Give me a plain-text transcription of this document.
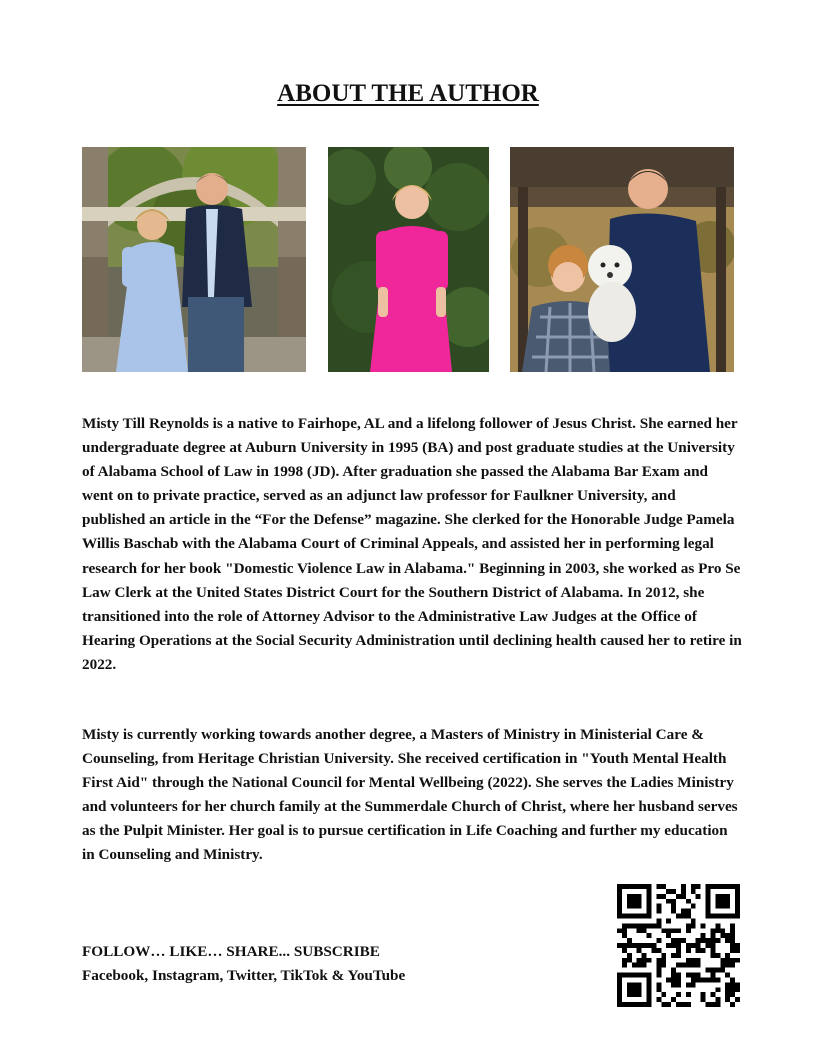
ABOUT THE AUTHOR

Misty Till Reynolds is a native to Fairhope, AL and a lifelong follower of Jesus Christ. She earned her undergraduate degree at Auburn University in 1995 (BA) and post graduate studies at the University of Alabama School of Law in 1998 (JD). After graduation she passed the Alabama Bar Exam and went on to private practice, served as an adjunct law professor for Faulkner University, and published an article in the “For the Defense” magazine. She clerked for the Honorable Judge Pamela Willis Baschab with the Alabama Court of Criminal Appeals, and assisted her in performing legal research for her book "Domestic Violence Law in Alabama." Beginning in 2003, she worked as Pro Se Law Clerk at the United States District Court for the Southern District of Alabama. In 2012, she transitioned into the role of Attorney Advisor to the Administrative Law Judges at the Office of Hearing Operations at the Social Security Administration until declining health caused her to retire in 2022.

Misty is currently working towards another degree, a Masters of Ministry in Ministerial Care & Counseling, from Heritage Christian University. She received certification in "Youth Mental Health First Aid" through the National Council for Mental Wellbeing (2022). She serves the Ladies Ministry and volunteers for her church family at the Summerdale Church of Christ, where her husband serves as the Pulpit Minister. Her goal is to pursue certification in Life Coaching and further my education in Counseling and Ministry.

FOLLOW… LIKE… SHARE... SUBSCRIBE
Facebook, Instagram, Twitter, TikTok & YouTube
